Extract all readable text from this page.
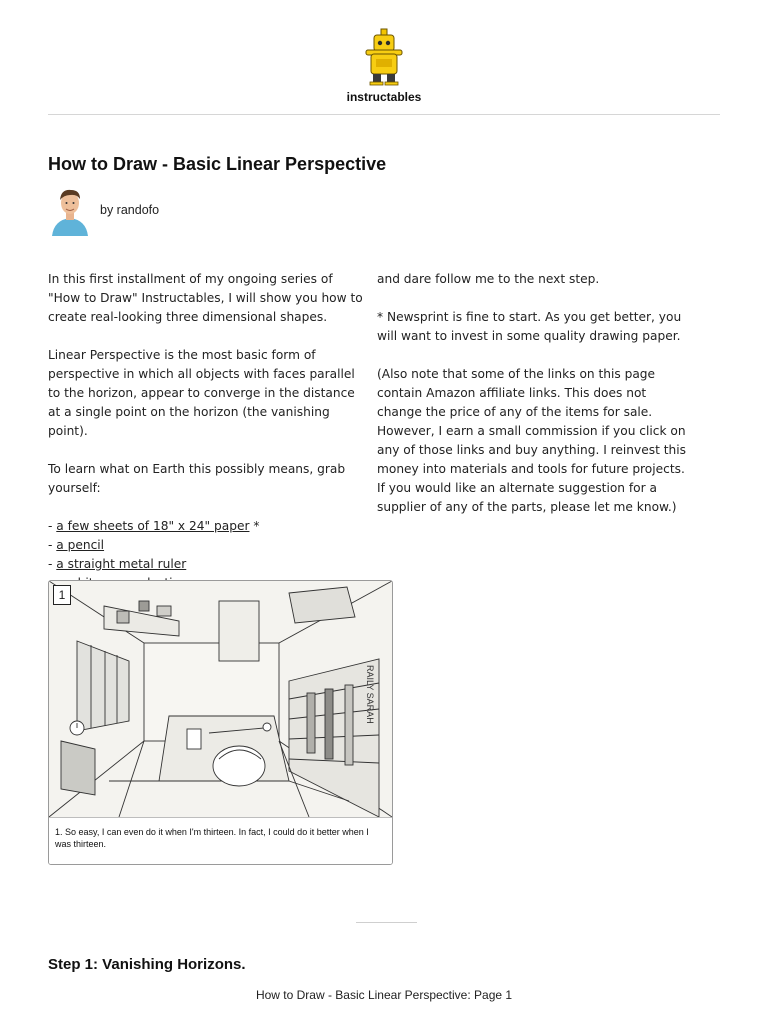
instructables
How to Draw - Basic Linear Perspective
by randofo

In this first installment of my ongoing series of "How to Draw" Instructables, I will show you how to create real-looking three dimensional shapes.

Linear Perspective is the most basic form of perspective in which all objects with faces parallel to the horizon, appear to converge in the distance at a single point on the horizon (the vanishing point).

To learn what on Earth this possibly means, grab yourself:

- a few sheets of 18" x 24" paper *
- a pencil
- a straight metal ruler

and dare follow me to the next step.

* Newsprint is fine to start. As you get better, you will want to invest in some quality drawing paper.

(Also note that some of the links on this page contain Amazon affiliate links. This does not change the price of any of the items for sale. However, I earn a small commission if you click on any of those links and buy anything. I reinvest this money into materials and tools for future projects. If you would like an alternate suggestion for a supplier of any of the parts, please let me know.)

RAILY SARAH
1
1. So easy, I can even do it when I'm thirteen. In fact, I could do it better when I was thirteen.
Step 1: Vanishing Horizons.
How to Draw - Basic Linear Perspective: Page 1
